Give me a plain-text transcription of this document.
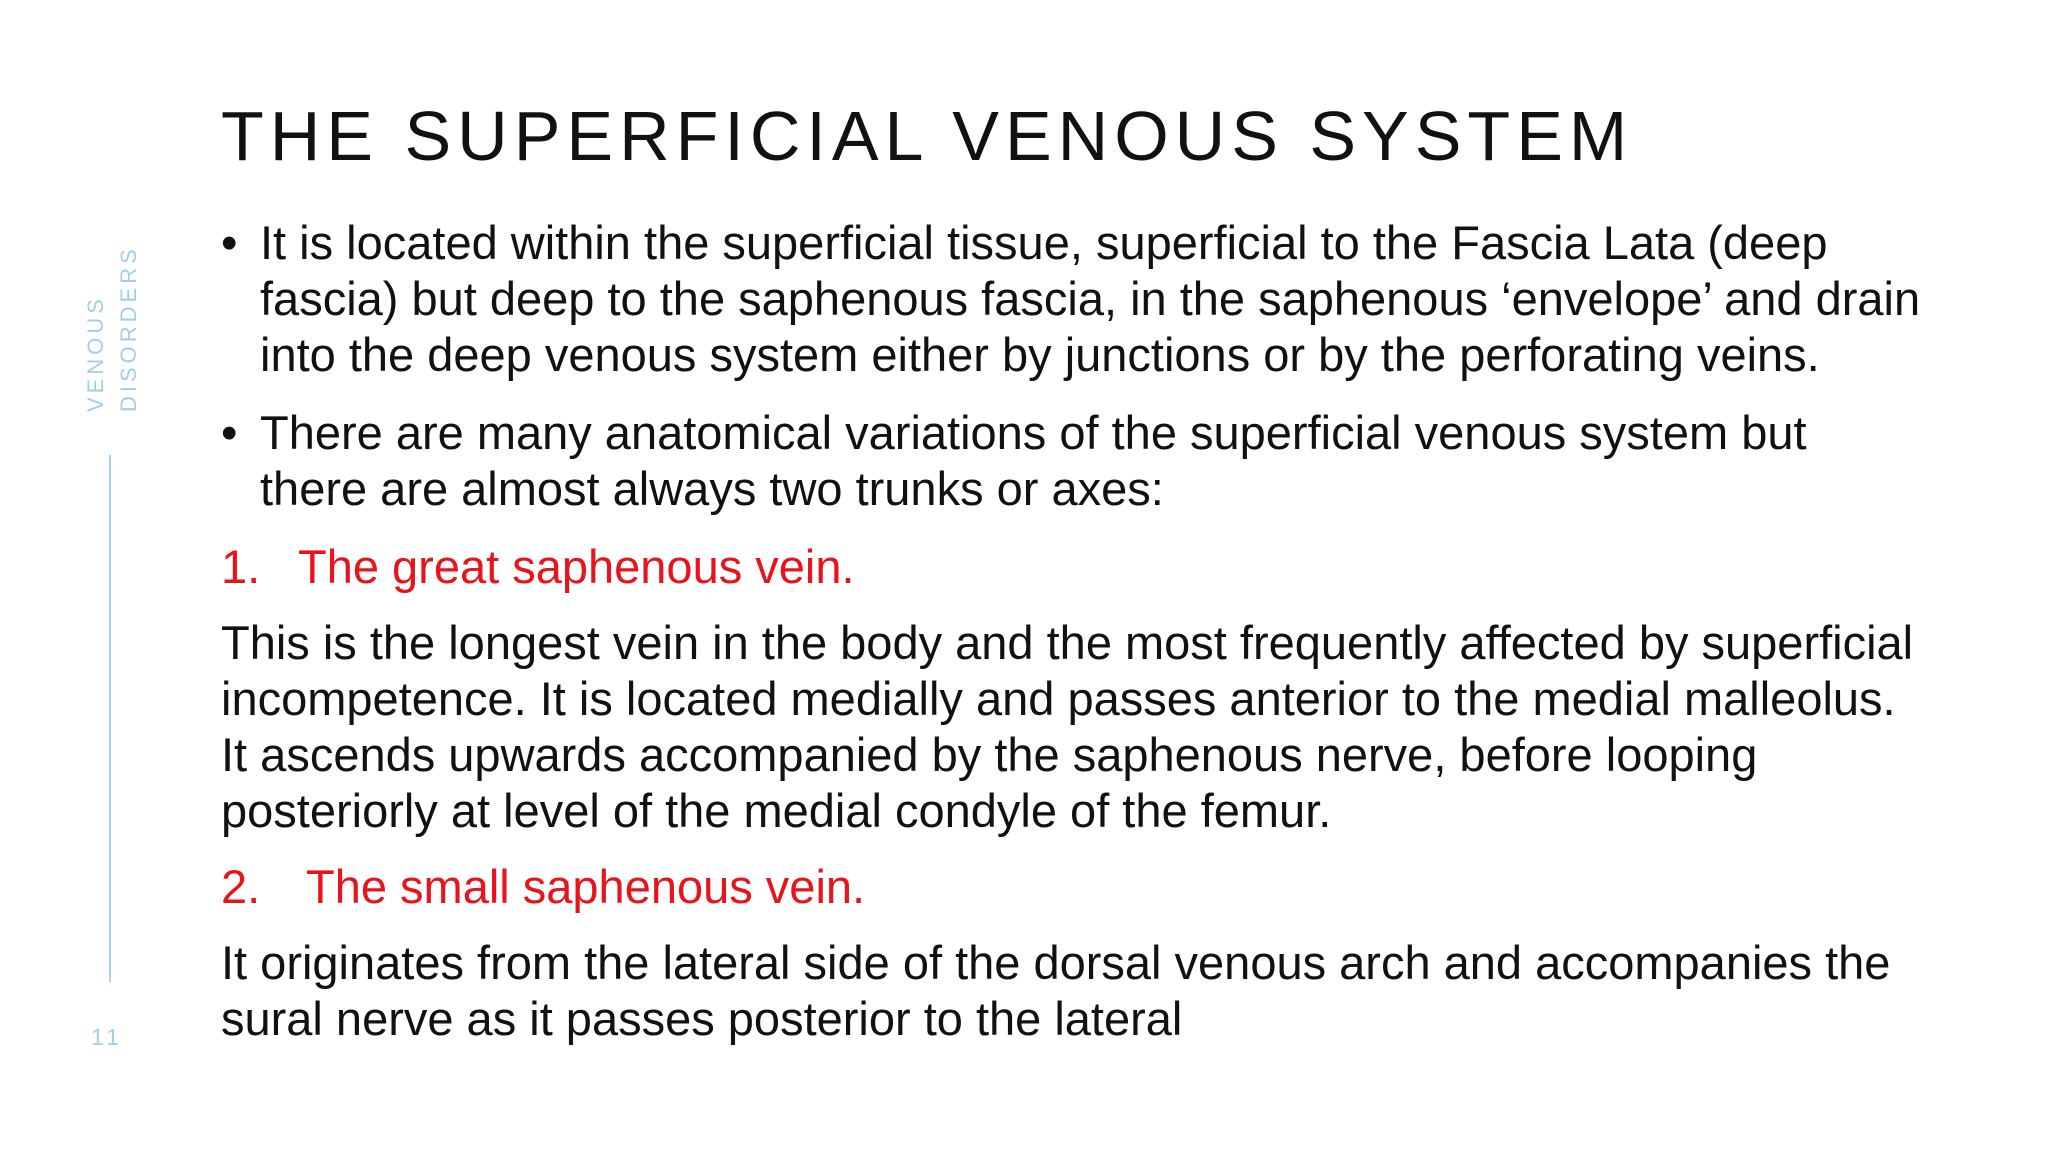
THE SUPERFICIAL VENOUS SYSTEM
VENOUS DISORDERS
11
• It is located within the superficial tissue, superficial to the Fascia Lata (deep fascia) but deep to the saphenous fascia, in the saphenous ‘envelope’ and drain into the deep venous system either by junctions or by the perforating veins.
• There are many anatomical variations of the superficial venous system but there are almost always two trunks or axes:
1. The great saphenous vein.
This is the longest vein in the body and the most frequently affected by superficial incompetence. It is located medially and passes anterior to the medial malleolus. It ascends upwards accompanied by the saphenous nerve, before looping posteriorly at level of the medial condyle of the femur.
2. The small saphenous vein.
It originates from the lateral side of the dorsal venous arch and accompanies the sural nerve as it passes posterior to the lateral
